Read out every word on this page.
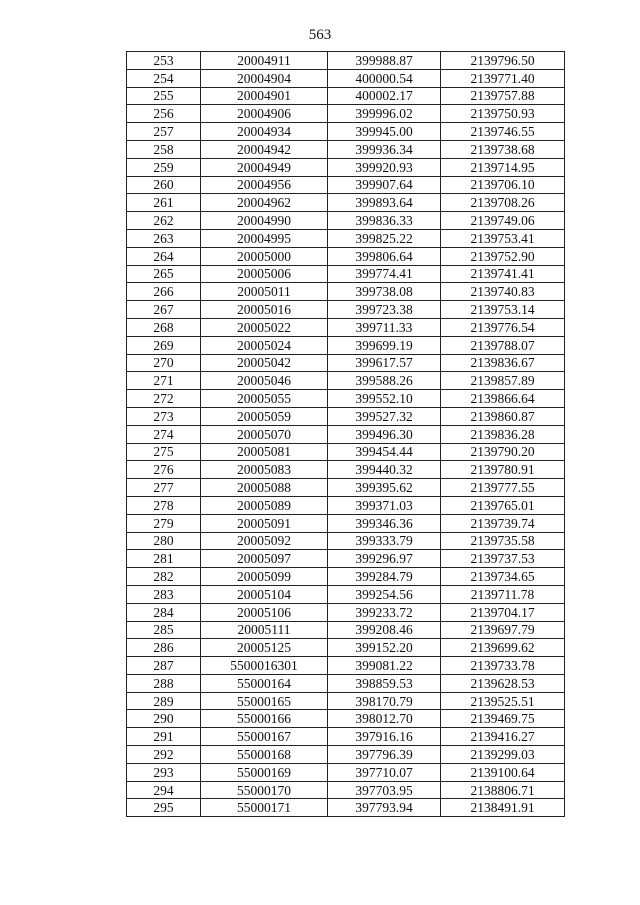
563
253	20004911	399988.87	2139796.50
254	20004904	400000.54	2139771.40
255	20004901	400002.17	2139757.88
256	20004906	399996.02	2139750.93
257	20004934	399945.00	2139746.55
258	20004942	399936.34	2139738.68
259	20004949	399920.93	2139714.95
260	20004956	399907.64	2139706.10
261	20004962	399893.64	2139708.26
262	20004990	399836.33	2139749.06
263	20004995	399825.22	2139753.41
264	20005000	399806.64	2139752.90
265	20005006	399774.41	2139741.41
266	20005011	399738.08	2139740.83
267	20005016	399723.38	2139753.14
268	20005022	399711.33	2139776.54
269	20005024	399699.19	2139788.07
270	20005042	399617.57	2139836.67
271	20005046	399588.26	2139857.89
272	20005055	399552.10	2139866.64
273	20005059	399527.32	2139860.87
274	20005070	399496.30	2139836.28
275	20005081	399454.44	2139790.20
276	20005083	399440.32	2139780.91
277	20005088	399395.62	2139777.55
278	20005089	399371.03	2139765.01
279	20005091	399346.36	2139739.74
280	20005092	399333.79	2139735.58
281	20005097	399296.97	2139737.53
282	20005099	399284.79	2139734.65
283	20005104	399254.56	2139711.78
284	20005106	399233.72	2139704.17
285	20005111	399208.46	2139697.79
286	20005125	399152.20	2139699.62
287	5500016301	399081.22	2139733.78
288	55000164	398859.53	2139628.53
289	55000165	398170.79	2139525.51
290	55000166	398012.70	2139469.75
291	55000167	397916.16	2139416.27
292	55000168	397796.39	2139299.03
293	55000169	397710.07	2139100.64
294	55000170	397703.95	2138806.71
295	55000171	397793.94	2138491.91
